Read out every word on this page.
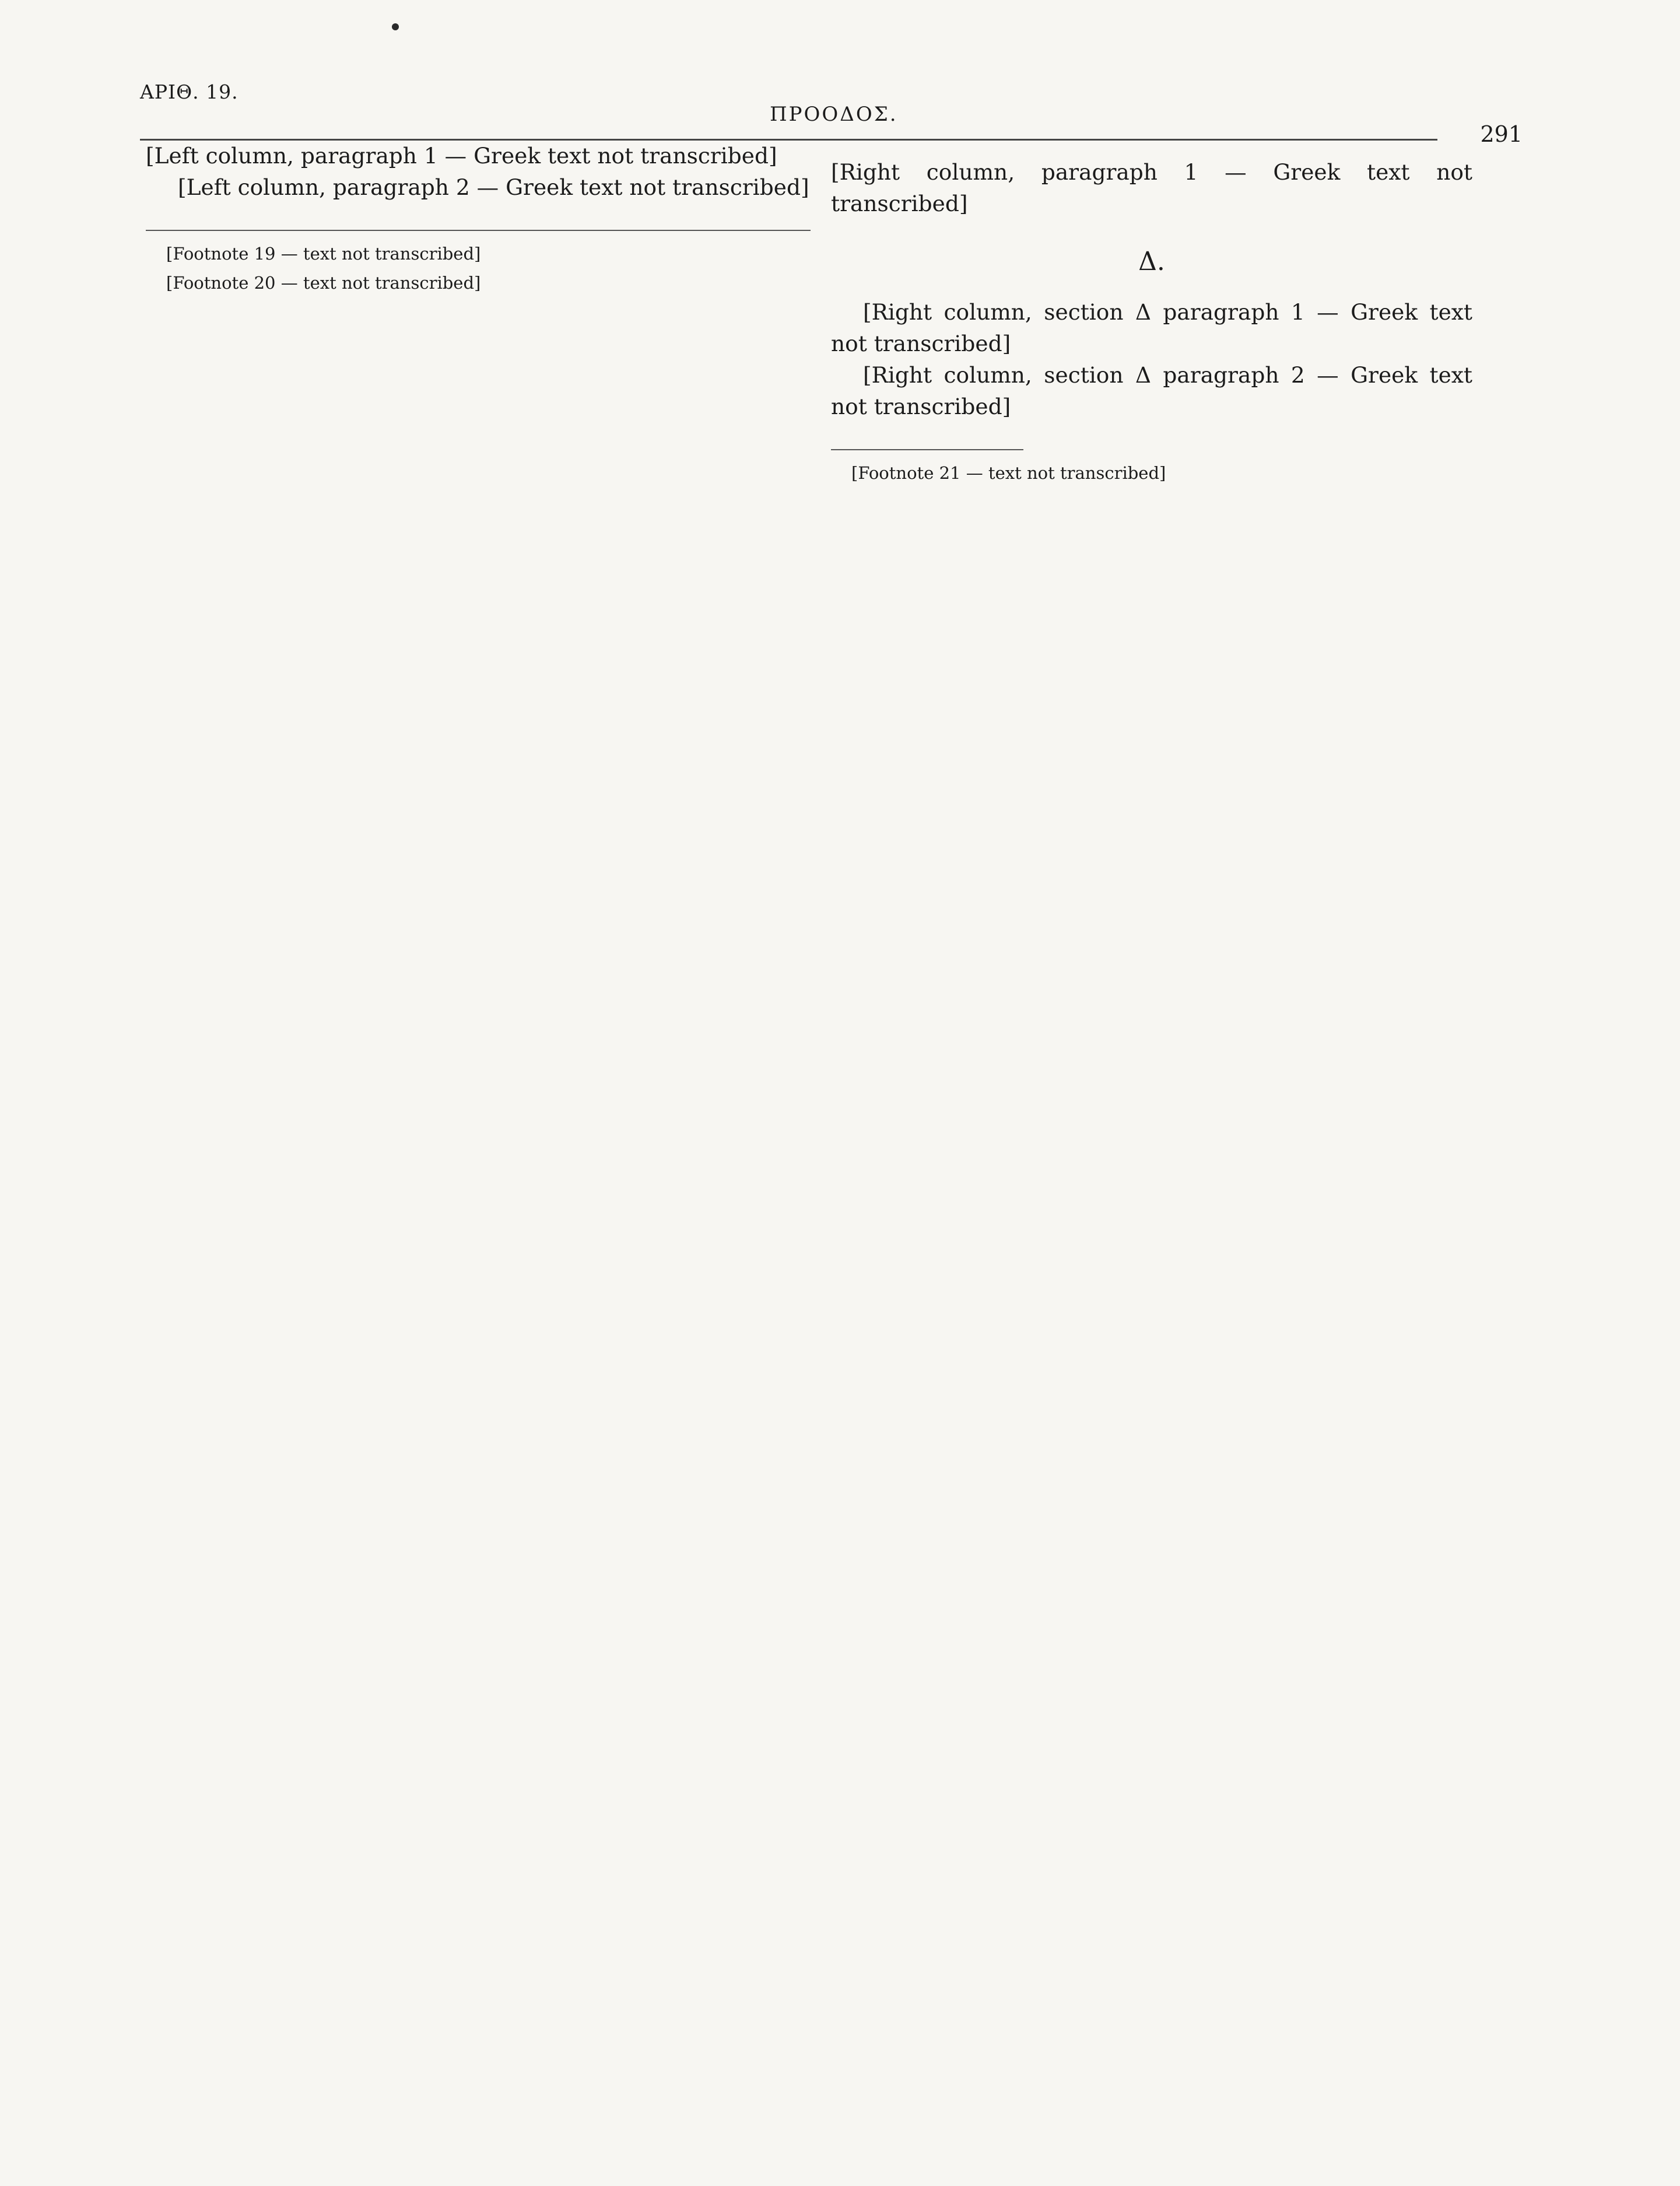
ΑΡΙΘ. 19.
ΠΡΟΟΔΟΣ.
291

[Left column, paragraph 1 — Greek text not transcribed]

[Left column, paragraph 2 — Greek text not transcribed]

[Footnote 19 — text not transcribed]

[Footnote 20 — text not transcribed]

[Right column, paragraph 1 — Greek text not transcribed]

Δ.

[Right column, section Δ paragraph 1 — Greek text not transcribed]

[Right column, section Δ paragraph 2 — Greek text not transcribed]

[Footnote 21 — text not transcribed]
